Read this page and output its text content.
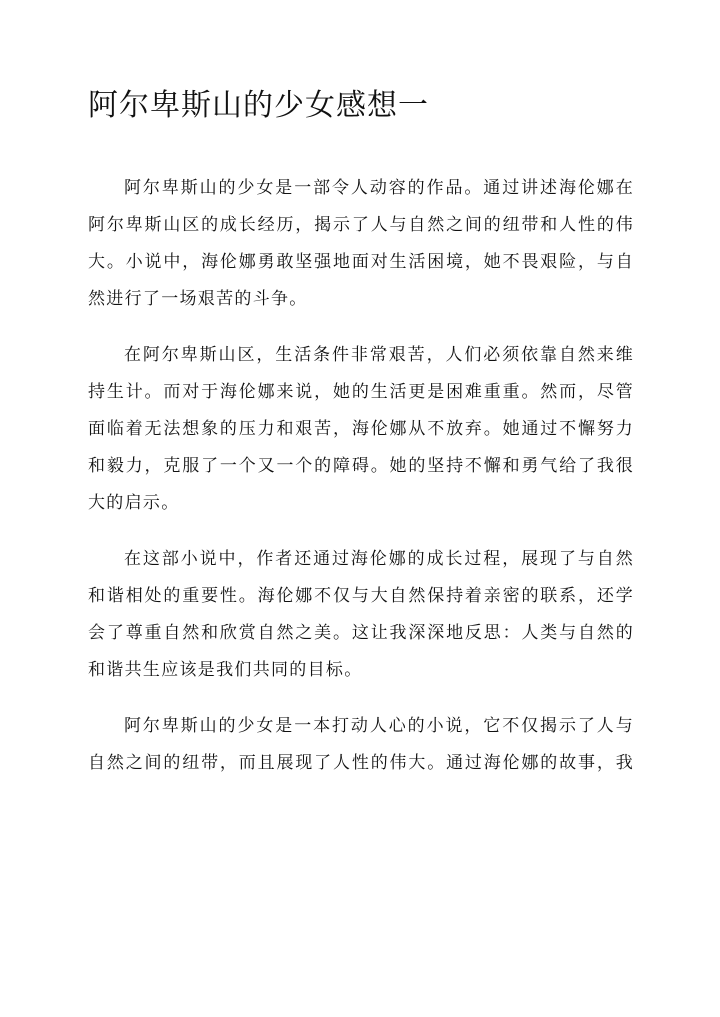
阿尔卑斯山的少女感想一

阿尔卑斯山的少女是一部令人动容的作品。通过讲述海伦娜在
阿尔卑斯山区的成长经历，揭示了人与自然之间的纽带和人性的伟
大。小说中，海伦娜勇敢坚强地面对生活困境，她不畏艰险，与自
然进行了一场艰苦的斗争。

在阿尔卑斯山区，生活条件非常艰苦，人们必须依靠自然来维
持生计。而对于海伦娜来说，她的生活更是困难重重。然而，尽管
面临着无法想象的压力和艰苦，海伦娜从不放弃。她通过不懈努力
和毅力，克服了一个又一个的障碍。她的坚持不懈和勇气给了我很
大的启示。

在这部小说中，作者还通过海伦娜的成长过程，展现了与自然
和谐相处的重要性。海伦娜不仅与大自然保持着亲密的联系，还学
会了尊重自然和欣赏自然之美。这让我深深地反思：人类与自然的
和谐共生应该是我们共同的目标。

阿尔卑斯山的少女是一本打动人心的小说，它不仅揭示了人与
自然之间的纽带，而且展现了人性的伟大。通过海伦娜的故事，我
